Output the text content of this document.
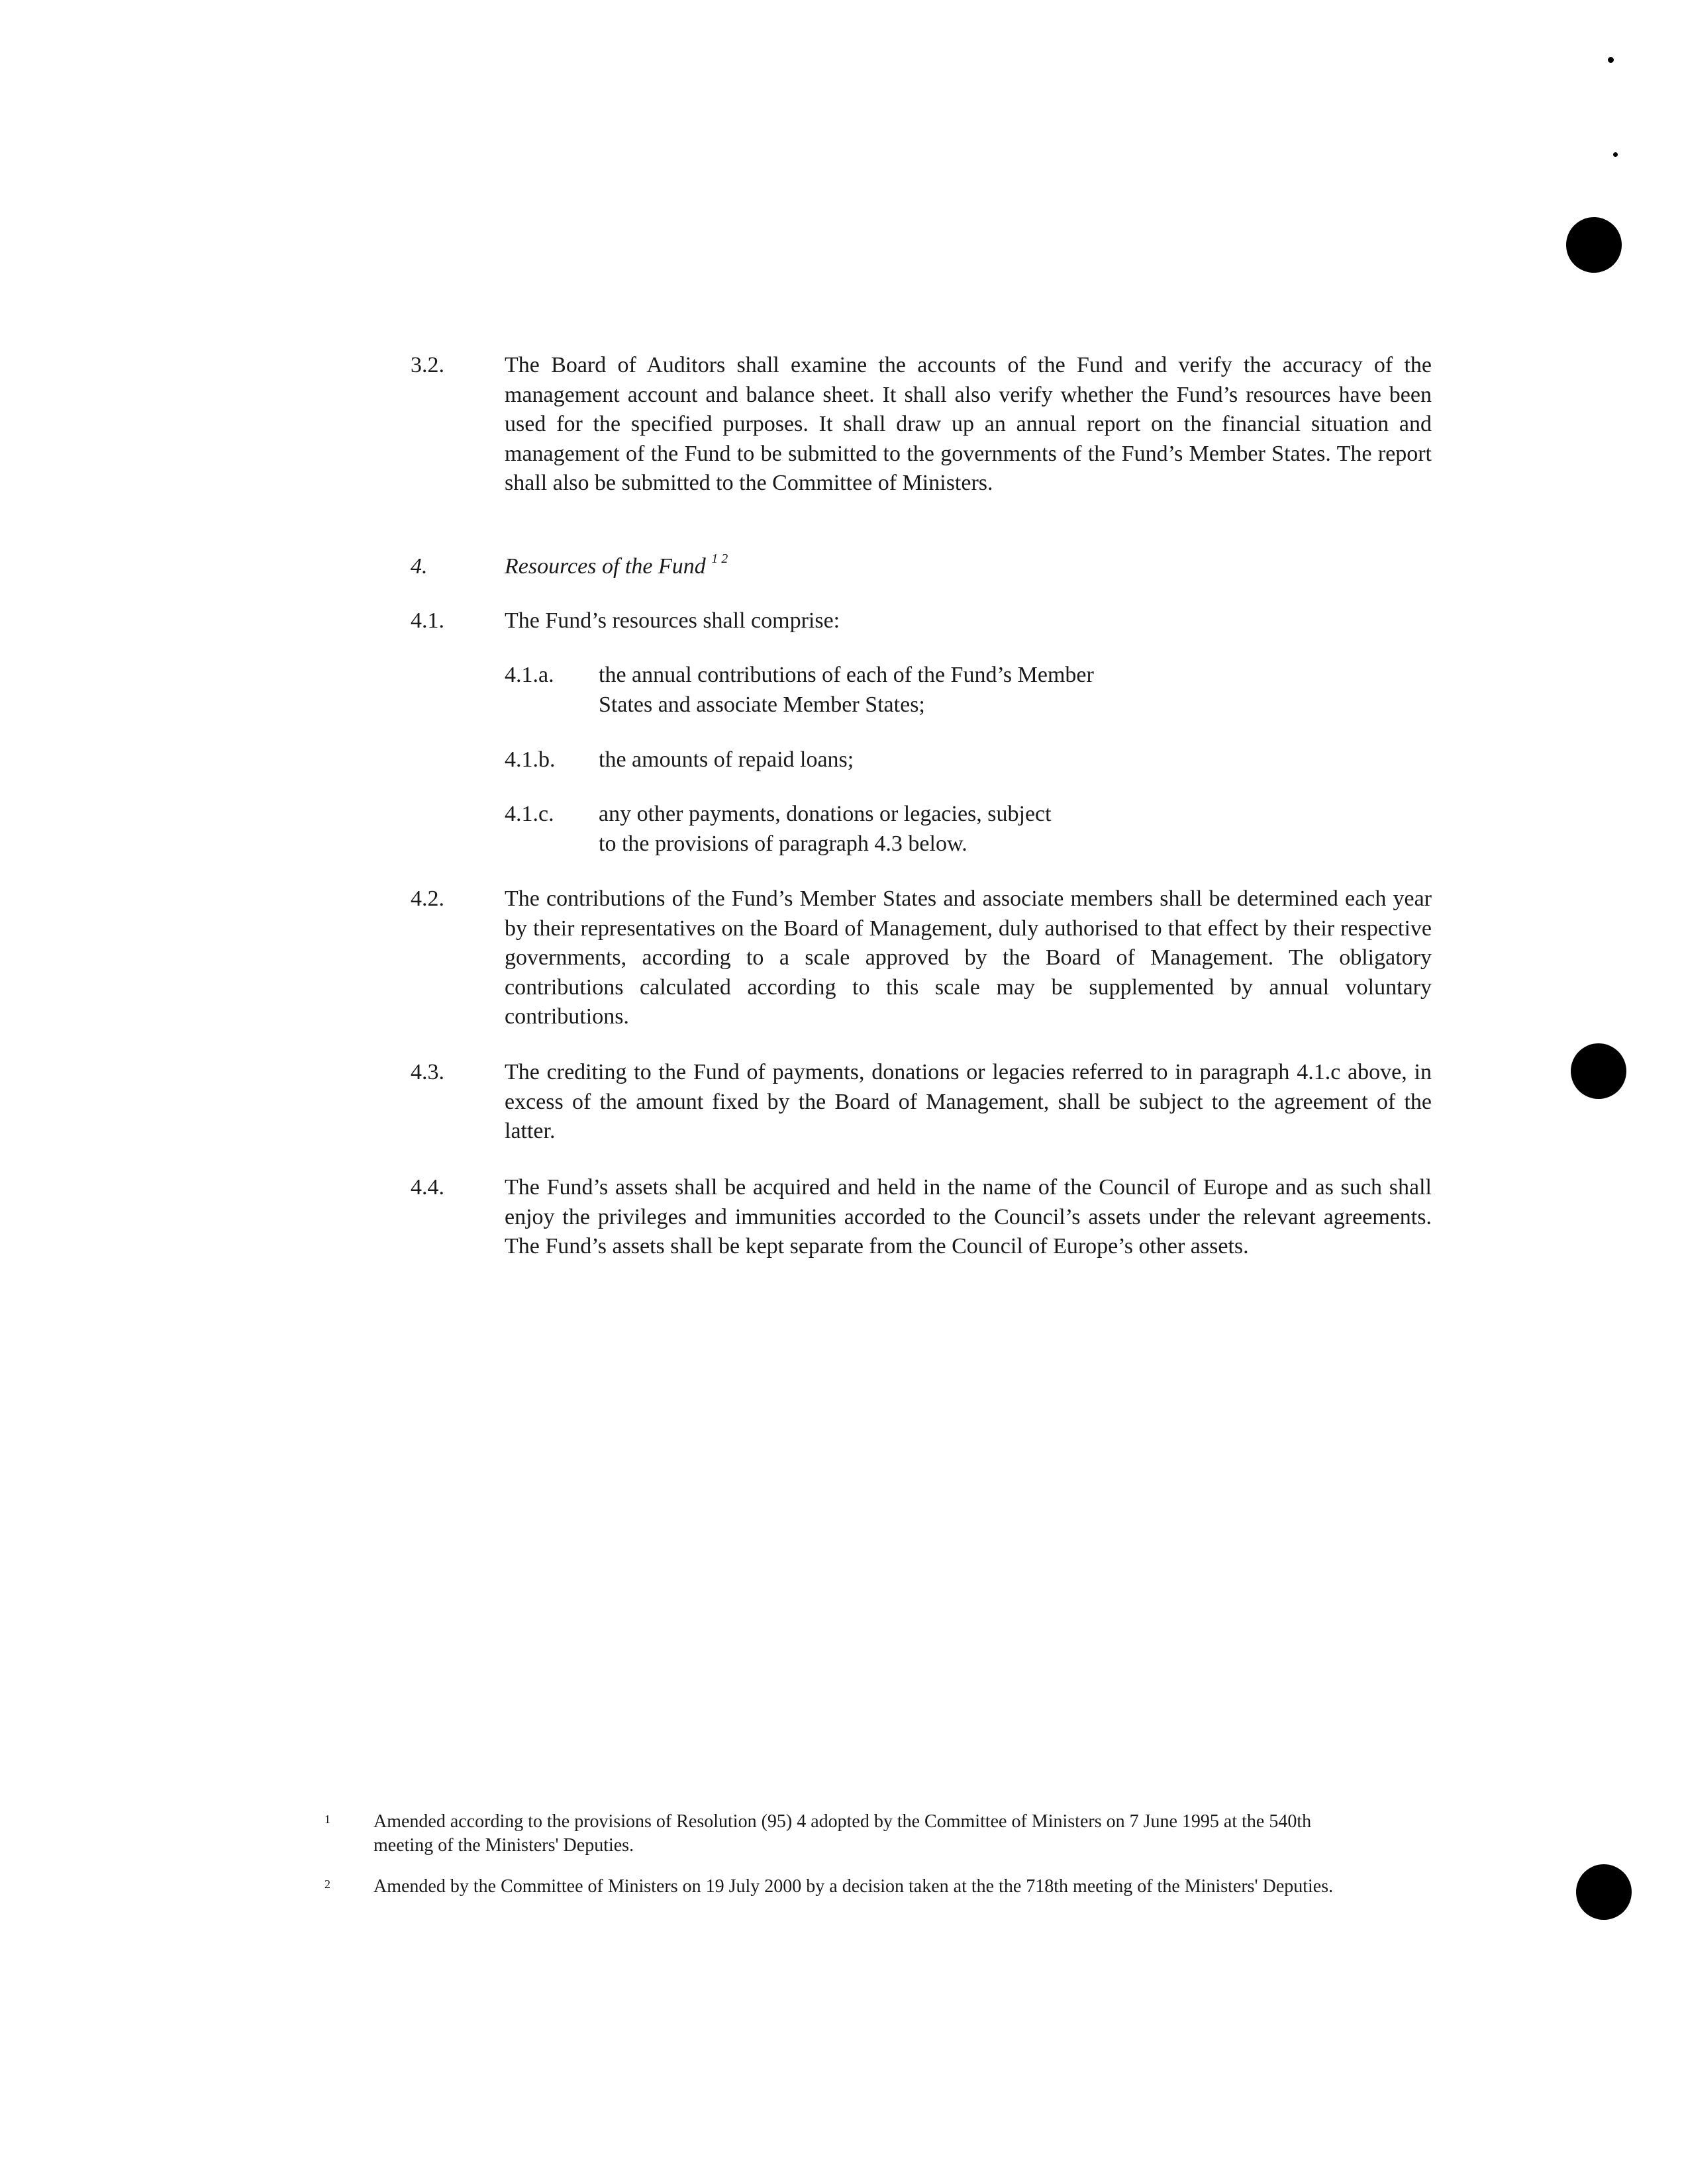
3.2.	The Board of Auditors shall examine the accounts of the Fund and verify the accuracy of the management account and balance sheet. It shall also verify whether the Fund’s resources have been used for the specified purposes. It shall draw up an annual report on the financial situation and management of the Fund to be submitted to the governments of the Fund’s Member States. The report shall also be submitted to the Committee of Ministers.
4.	Resources of the Fund $^{1 2}$
4.1.	The Fund’s resources shall comprise:
4.1.a. the annual contributions of each of the Fund’s Member
States and associate Member States;
4.1.b. the amounts of repaid loans;
4.1.c. any other payments, donations or legacies, subject
to the provisions of paragraph 4.3 below.
4.2.	The contributions of the Fund’s Member States and associate members shall be determined each year by their representatives on the Board of Management, duly authorised to that effect by their respective governments, according to a scale approved by the Board of Management. The obligatory contributions calculated according to this scale may be supplemented by annual voluntary contributions.
4.3.	The crediting to the Fund of payments, donations or legacies referred to in paragraph 4.1.c above, in excess of the amount fixed by the Board of Management, shall be subject to the agreement of the latter.
4.4.	The Fund’s assets shall be acquired and held in the name of the Council of Europe and as such shall enjoy the privileges and immunities accorded to the Council’s assets under the relevant agreements. The Fund’s assets shall be kept separate from the Council of Europe’s other assets.
1 Amended according to the provisions of Resolution (95) 4 adopted by the Committee of Ministers on 7 June 1995 at the 540th meeting of the Ministers' Deputies.
2 Amended by the Committee of Ministers on 19 July 2000 by a decision taken at the the 718th meeting of the Ministers' Deputies.
